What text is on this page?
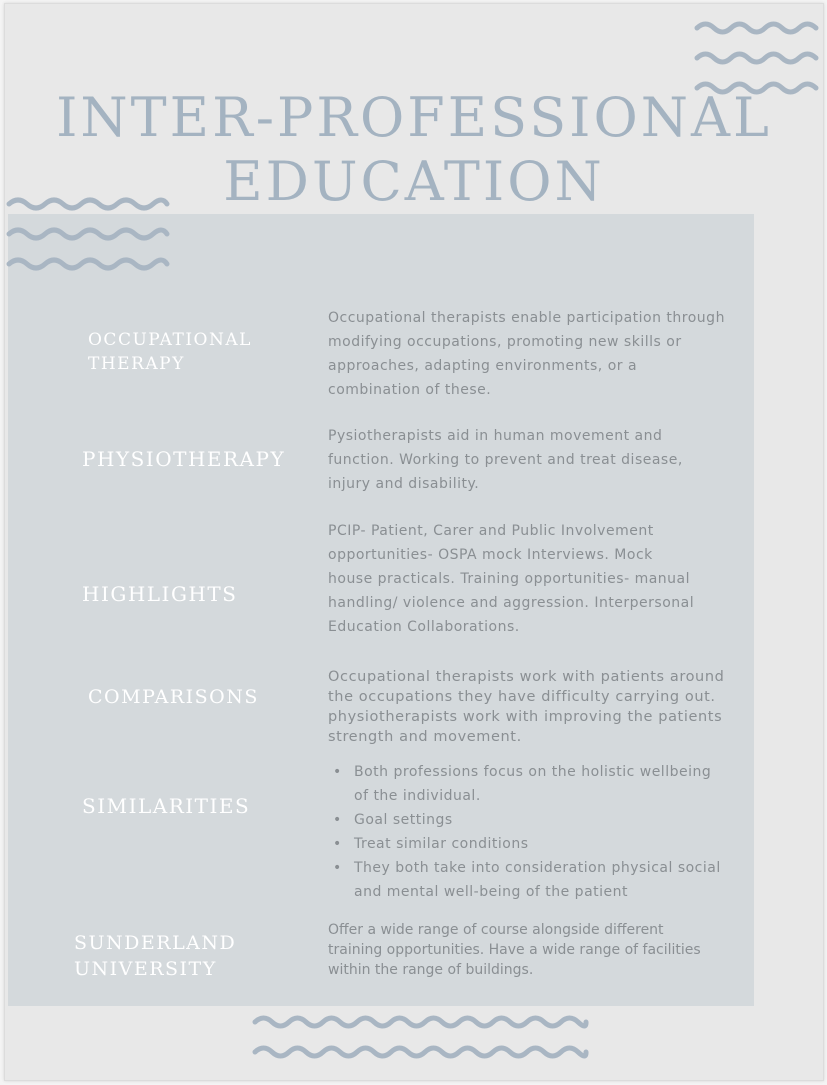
INTER-PROFESSIONAL
EDUCATION
OCCUPATIONAL
THERAPY
Occupational therapists enable participation through modifying occupations, promoting new skills or approaches, adapting environments, or a combination of these.
PHYSIOTHERAPY
Pysiotherapists aid in human movement and function. Working to prevent and treat disease, injury and disability.
HIGHLIGHTS
PCIP- Patient, Carer and Public Involvement opportunities- OSPA mock Interviews. Mock house practicals. Training opportunities- manual handling/ violence and aggression. Interpersonal Education Collaborations.
COMPARISONS
Occupational therapists work with patients around the occupations they have difficulty carrying out. physiotherapists work with improving the patients strength and movement.
SIMILARITIES
• Both professions focus on the holistic wellbeing of the individual.
• Goal settings
• Treat similar conditions
• They both take into consideration physical social and mental well-being of the patient
SUNDERLAND
UNIVERSITY
Offer a wide range of course alongside different training opportunities. Have a wide range of facilities within the range of buildings.
